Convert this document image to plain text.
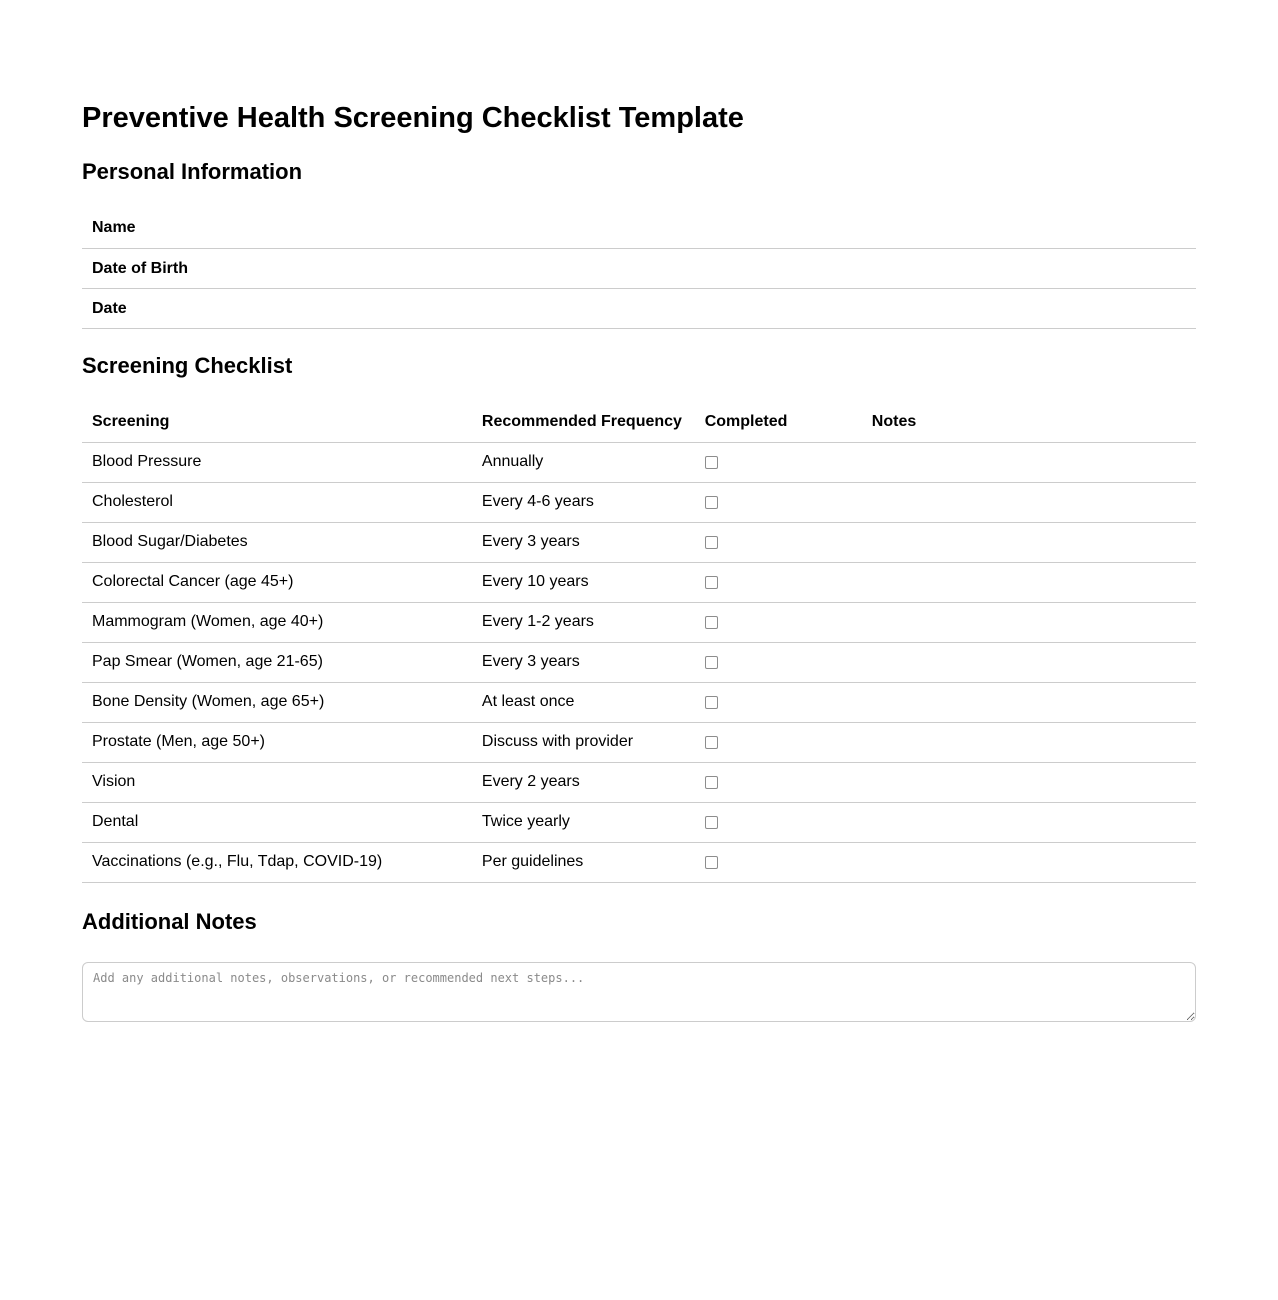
Preventive Health Screening Checklist Template
Personal Information
Name
Date of Birth
Date
Screening Checklist
Screening	Recommended Frequency	Completed	Notes
Blood Pressure	Annually		
Cholesterol	Every 4-6 years		
Blood Sugar/Diabetes	Every 3 years		
Colorectal Cancer (age 45+)	Every 10 years		
Mammogram (Women, age 40+)	Every 1-2 years		
Pap Smear (Women, age 21-65)	Every 3 years		
Bone Density (Women, age 65+)	At least once		
Prostate (Men, age 50+)	Discuss with provider		
Vision	Every 2 years		
Dental	Twice yearly		
Vaccinations (e.g., Flu, Tdap, COVID-19)	Per guidelines		
Additional Notes
Add any additional notes, observations, or recommended next steps...
